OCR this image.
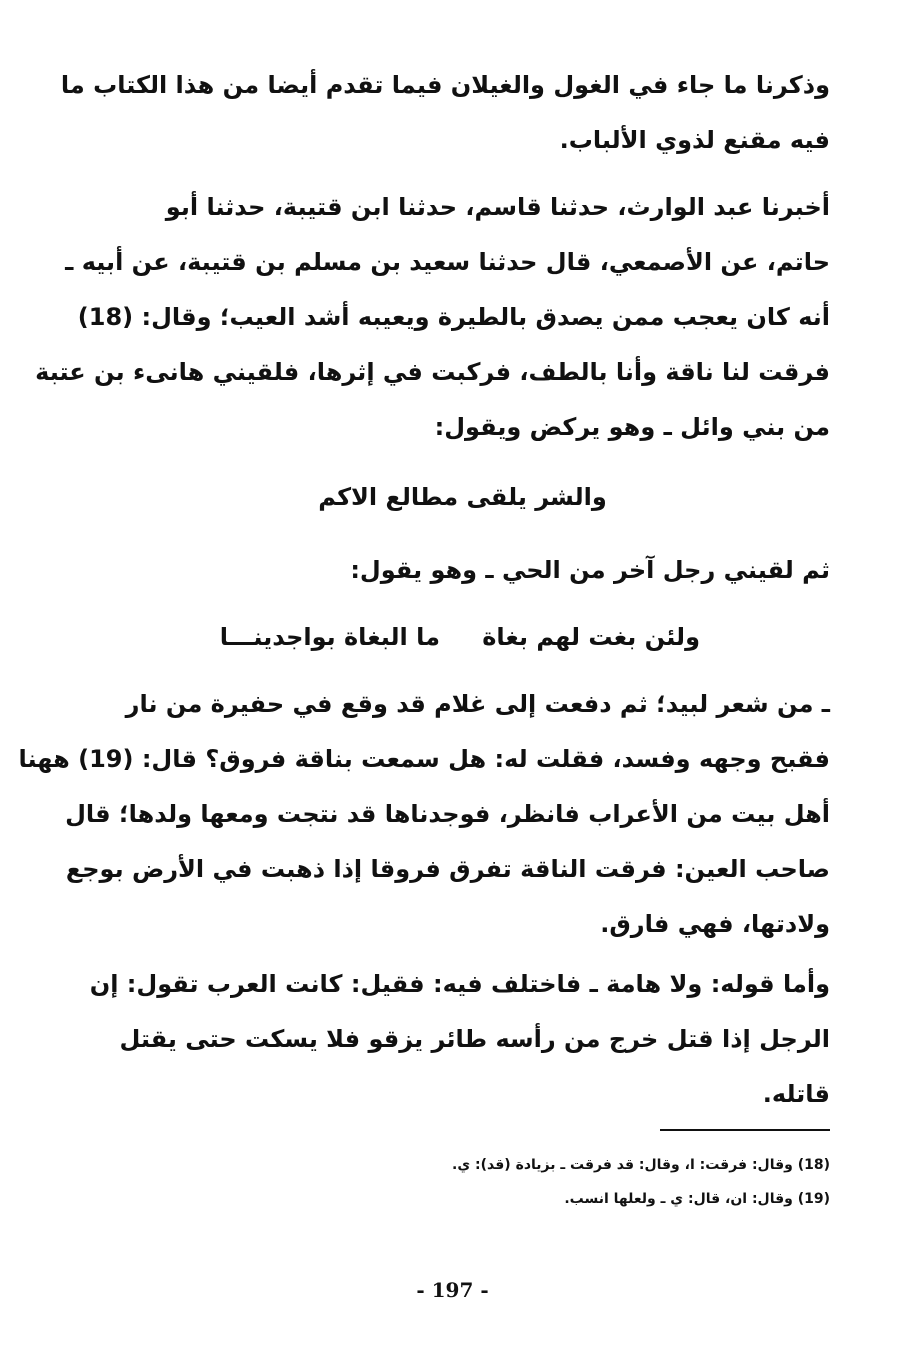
وذكرنا ما جاء في الغول والغيلان فيما تقدم أيضا من هذا الكتاب ما
فيه مقنع لذوي الألباب.
أخبرنا عبد الوارث، حدثنا قاسم، حدثنا ابن قتيبة، حدثنا أبو
حاتم، عن الأصمعي، قال حدثنا سعيد بن مسلم بن قتيبة، عن أبيه ـ
أنه كان يعجب ممن يصدق بالطيرة ويعيبه أشد العيب؛ وقال: (18)
فرقت لنا ناقة وأنا بالطف، فركبت في إثرها، فلقيني هانىء بن عتبة
من بني وائل ـ وهو يركض ويقول:
والشر يلقى مطالع الاكم
ثم لقيني رجل آخر من الحي ـ وهو يقول:
ولئن بغت لهم بغاة
ما البغاة بواجدينـــا
ـ من شعر لبيد؛ ثم دفعت إلى غلام قد وقع في حفيرة من نار
فقبح وجهه وفسد، فقلت له: هل سمعت بناقة فروق؟ قال: (19) ههنا
أهل بيت من الأعراب فانظر، فوجدناها قد نتجت ومعها ولدها؛ قال
صاحب العين: فرقت الناقة تفرق فروقا إذا ذهبت في الأرض بوجع
ولادتها، فهي فارق.
وأما قوله: ولا هامة ـ فاختلف فيه: فقيل: كانت العرب تقول: إن
الرجل إذا قتل خرج من رأسه طائر يزقو فلا يسكت حتى يقتل
قاتله.
(18) وقال: فرقت: ا، وقال: قد فرقت ـ بزيادة (قد): ي.
(19) وقال: ان، قال: ي ـ ولعلها انسب.
- 197 -
